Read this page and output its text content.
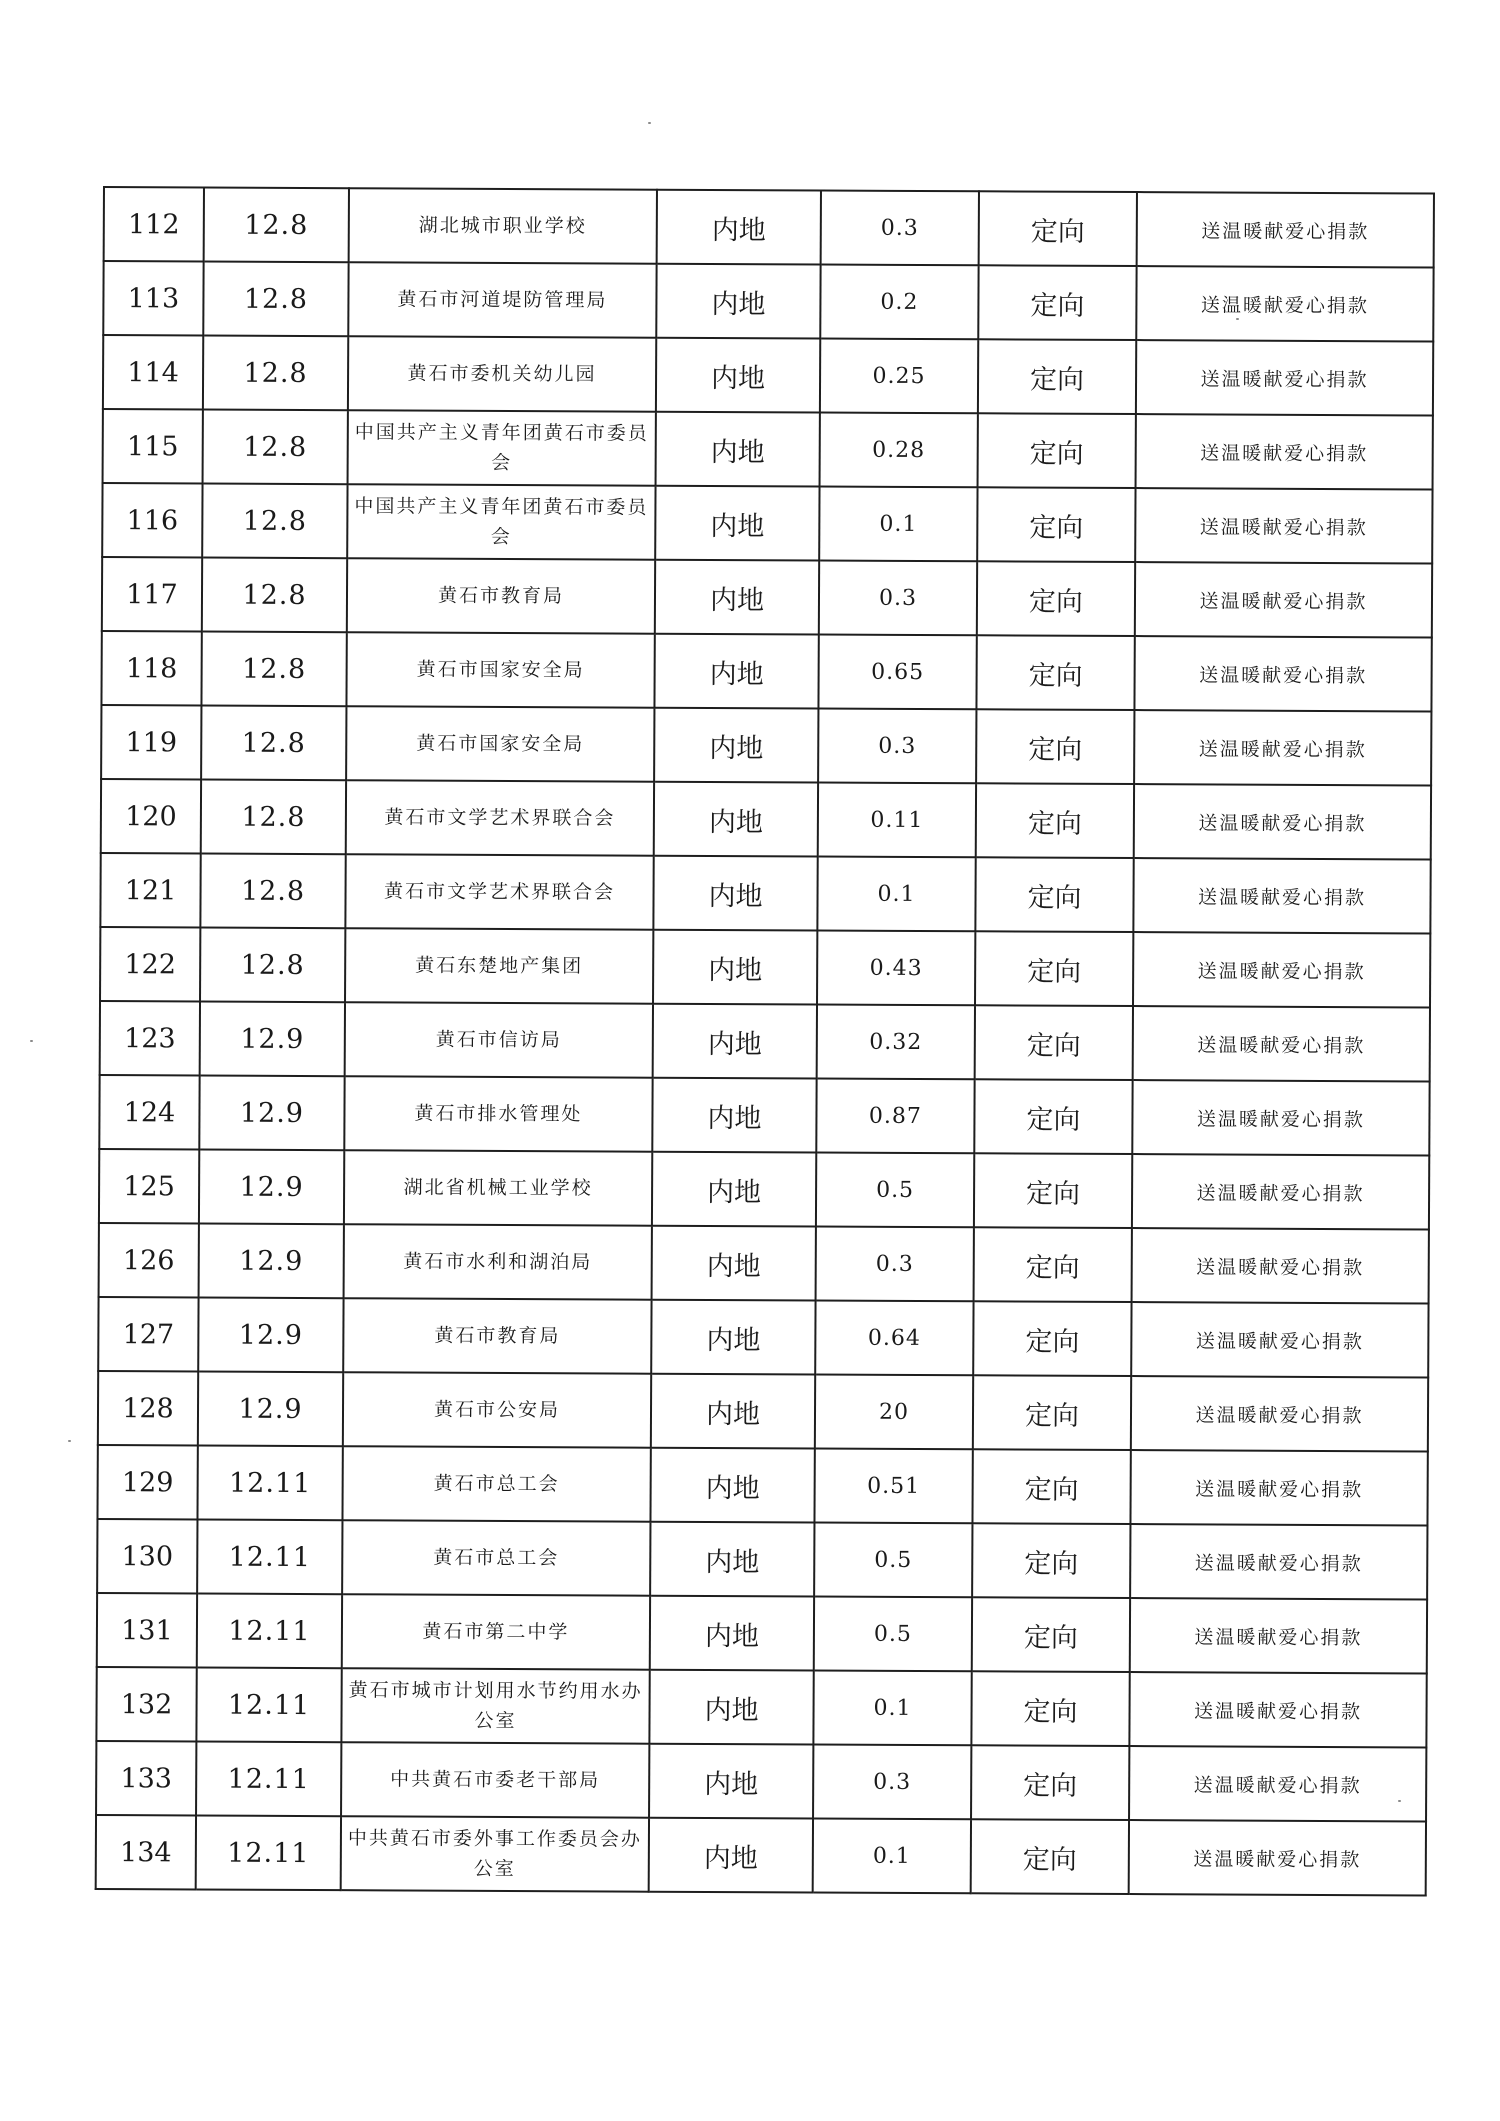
112	12.8	湖北城市职业学校	内地	0.3	定向	送温暖献爱心捐款
113	12.8	黄石市河道堤防管理局	内地	0.2	定向	送温暖献爱心捐款
114	12.8	黄石市委机关幼儿园	内地	0.25	定向	送温暖献爱心捐款
115	12.8	中国共产主义青年团黄石市委员会	内地	0.28	定向	送温暖献爱心捐款
116	12.8	中国共产主义青年团黄石市委员会	内地	0.1	定向	送温暖献爱心捐款
117	12.8	黄石市教育局	内地	0.3	定向	送温暖献爱心捐款
118	12.8	黄石市国家安全局	内地	0.65	定向	送温暖献爱心捐款
119	12.8	黄石市国家安全局	内地	0.3	定向	送温暖献爱心捐款
120	12.8	黄石市文学艺术界联合会	内地	0.11	定向	送温暖献爱心捐款
121	12.8	黄石市文学艺术界联合会	内地	0.1	定向	送温暖献爱心捐款
122	12.8	黄石东楚地产集团	内地	0.43	定向	送温暖献爱心捐款
123	12.9	黄石市信访局	内地	0.32	定向	送温暖献爱心捐款
124	12.9	黄石市排水管理处	内地	0.87	定向	送温暖献爱心捐款
125	12.9	湖北省机械工业学校	内地	0.5	定向	送温暖献爱心捐款
126	12.9	黄石市水利和湖泊局	内地	0.3	定向	送温暖献爱心捐款
127	12.9	黄石市教育局	内地	0.64	定向	送温暖献爱心捐款
128	12.9	黄石市公安局	内地	20	定向	送温暖献爱心捐款
129	12.11	黄石市总工会	内地	0.51	定向	送温暖献爱心捐款
130	12.11	黄石市总工会	内地	0.5	定向	送温暖献爱心捐款
131	12.11	黄石市第二中学	内地	0.5	定向	送温暖献爱心捐款
132	12.11	黄石市城市计划用水节约用水办公室	内地	0.1	定向	送温暖献爱心捐款
133	12.11	中共黄石市委老干部局	内地	0.3	定向	送温暖献爱心捐款
134	12.11	中共黄石市委外事工作委员会办公室	内地	0.1	定向	送温暖献爱心捐款
